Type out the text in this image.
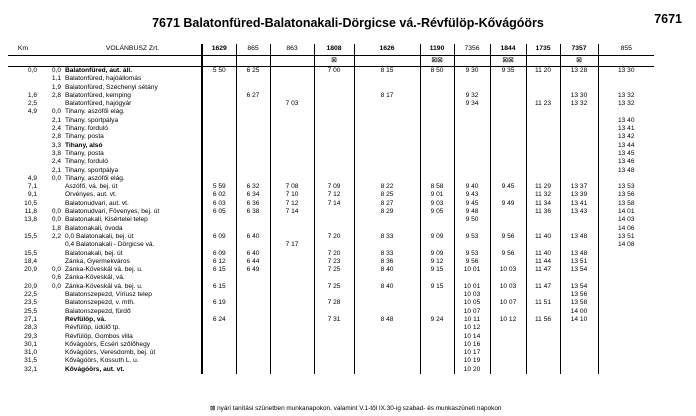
7671 Balatonfüred-Balatonakali-Dörgicse vá.-Révfülöp-Kővágóörs	7671
Km		VOLÁNBUSZ Zrt.	1629	865	863	1808	1626	1190	7356	1844	1735	7357	855
						⊠		⊠⊠		⊠⊠		⊠	
0,0	0,0	Balatonfüred, aut. áll.	5 50	6 25		7 00	8 15	8 50	9 30	9 35	11 20	13 28	13 30
	1,1	Balatonfüred, hajóállomás											
	1,9	Balatonfüred, Széchenyi sétány											
1,6	2,8	Balatonfüred, kemping		6 27			8 17		9 32			13 30	13 32
2,5		Balatonfüred, hajógyár			7 03				9 34		11 23	13 32	13 32
4,9	0,0	Tihany, aszófői elág.											
	2,1	Tihany, sportpálya											13 40
	2,4	Tihany, forduló											13 41
	2,8	Tihany, posta											13 42
	3,3	Tihany, alsó											13 44
	3,8	Tihany, posta											13 45
	2,4	Tihany, forduló											13 46
	2,1	Tihany, sportpálya											13 48
4,9	0,0	Tihany, aszófői elág.											
7,1		Aszófő, vá. bej. út	5 59	6 32	7 08	7 09	8 22	8 58	9 40	9 45	11 29	13 37	13 53
9,1		Örvényes, aut. vt.	6 02	6 34	7 10	7 12	8 25	9 01	9 43		11 32	13 39	13 56
10,5		Balatonudvari, aut. vt.	6 03	6 36	7 12	7 14	8 27	9 03	9 45	9 49	11 34	13 41	13 58
11,8	0,0	Balatonudvari, Fövenyes, bej. út	6 05	6 38	7 14		8 29	9 05	9 48		11 36	13 43	14 01
13,8	0,0	Balatonakali, Kisértelei telep							9 50				14 03
	1,8	Balatonakali, óvoda											14 06
15,5	2,2	0,0 Balatonakali, bej. út	6 09	6 40		7 20	8 33	9 09	9 53	9 56	11 40	13 48	13 51
		0,4 Balatonakali - Dörgicse vá.			7 17								14 08
15,5		Balatonakali, bej. út	6 09	6 40		7 20	8 33	9 09	9 53	9 56	11 40	13 48	
18,4		Zánka, Gyermekváros	6 12	6 44		7 23	8 36	9 12	9 56		11 44	13 51	
20,9	0,0	Zánka-Köveskál vá. bej. u.	6 15	6 49		7 25	8 40	9 15	10 01	10 03	11 47	13 54	
	0,6	Zánka-Köveskál, vá.											
20,9	0,0	Zánka-Köveskál vá. bej. u.	6 15			7 25	8 40	9 15	10 01	10 03	11 47	13 54	
22,5		Balatonszepezd, Víriusz telep							10 03			13 56	
23,5		Balatonszepezd, v. mth.	6 19			7 28			10 05	10 07	11 51	13 58	
25,5		Balatonszepezd, fürdő							10 07			14 00	
27,1		Révfülöp, vá.	6 24			7 31	8 48	9 24	10 11	10 12	11 56	14 10	
28,3		Révfülöp, üdülő tp.							10 12				
29,3		Révfülöp, Gombos villa							10 14				
30,1		Kővágóörs, Ecséri szőlőhegy							10 16				
31,0		Kővágóörs, Veresdomb, bej. út							10 17				
31,5		Kővágóörs, Kossuth L. u.							10 19				
32,1		Kővágóörs, aut. vt.							10 20				
⊠ nyári tanítási szünetben munkanapokon, valamint V.1-től IX.30-ig szabad- és munkaszüneti napokon
